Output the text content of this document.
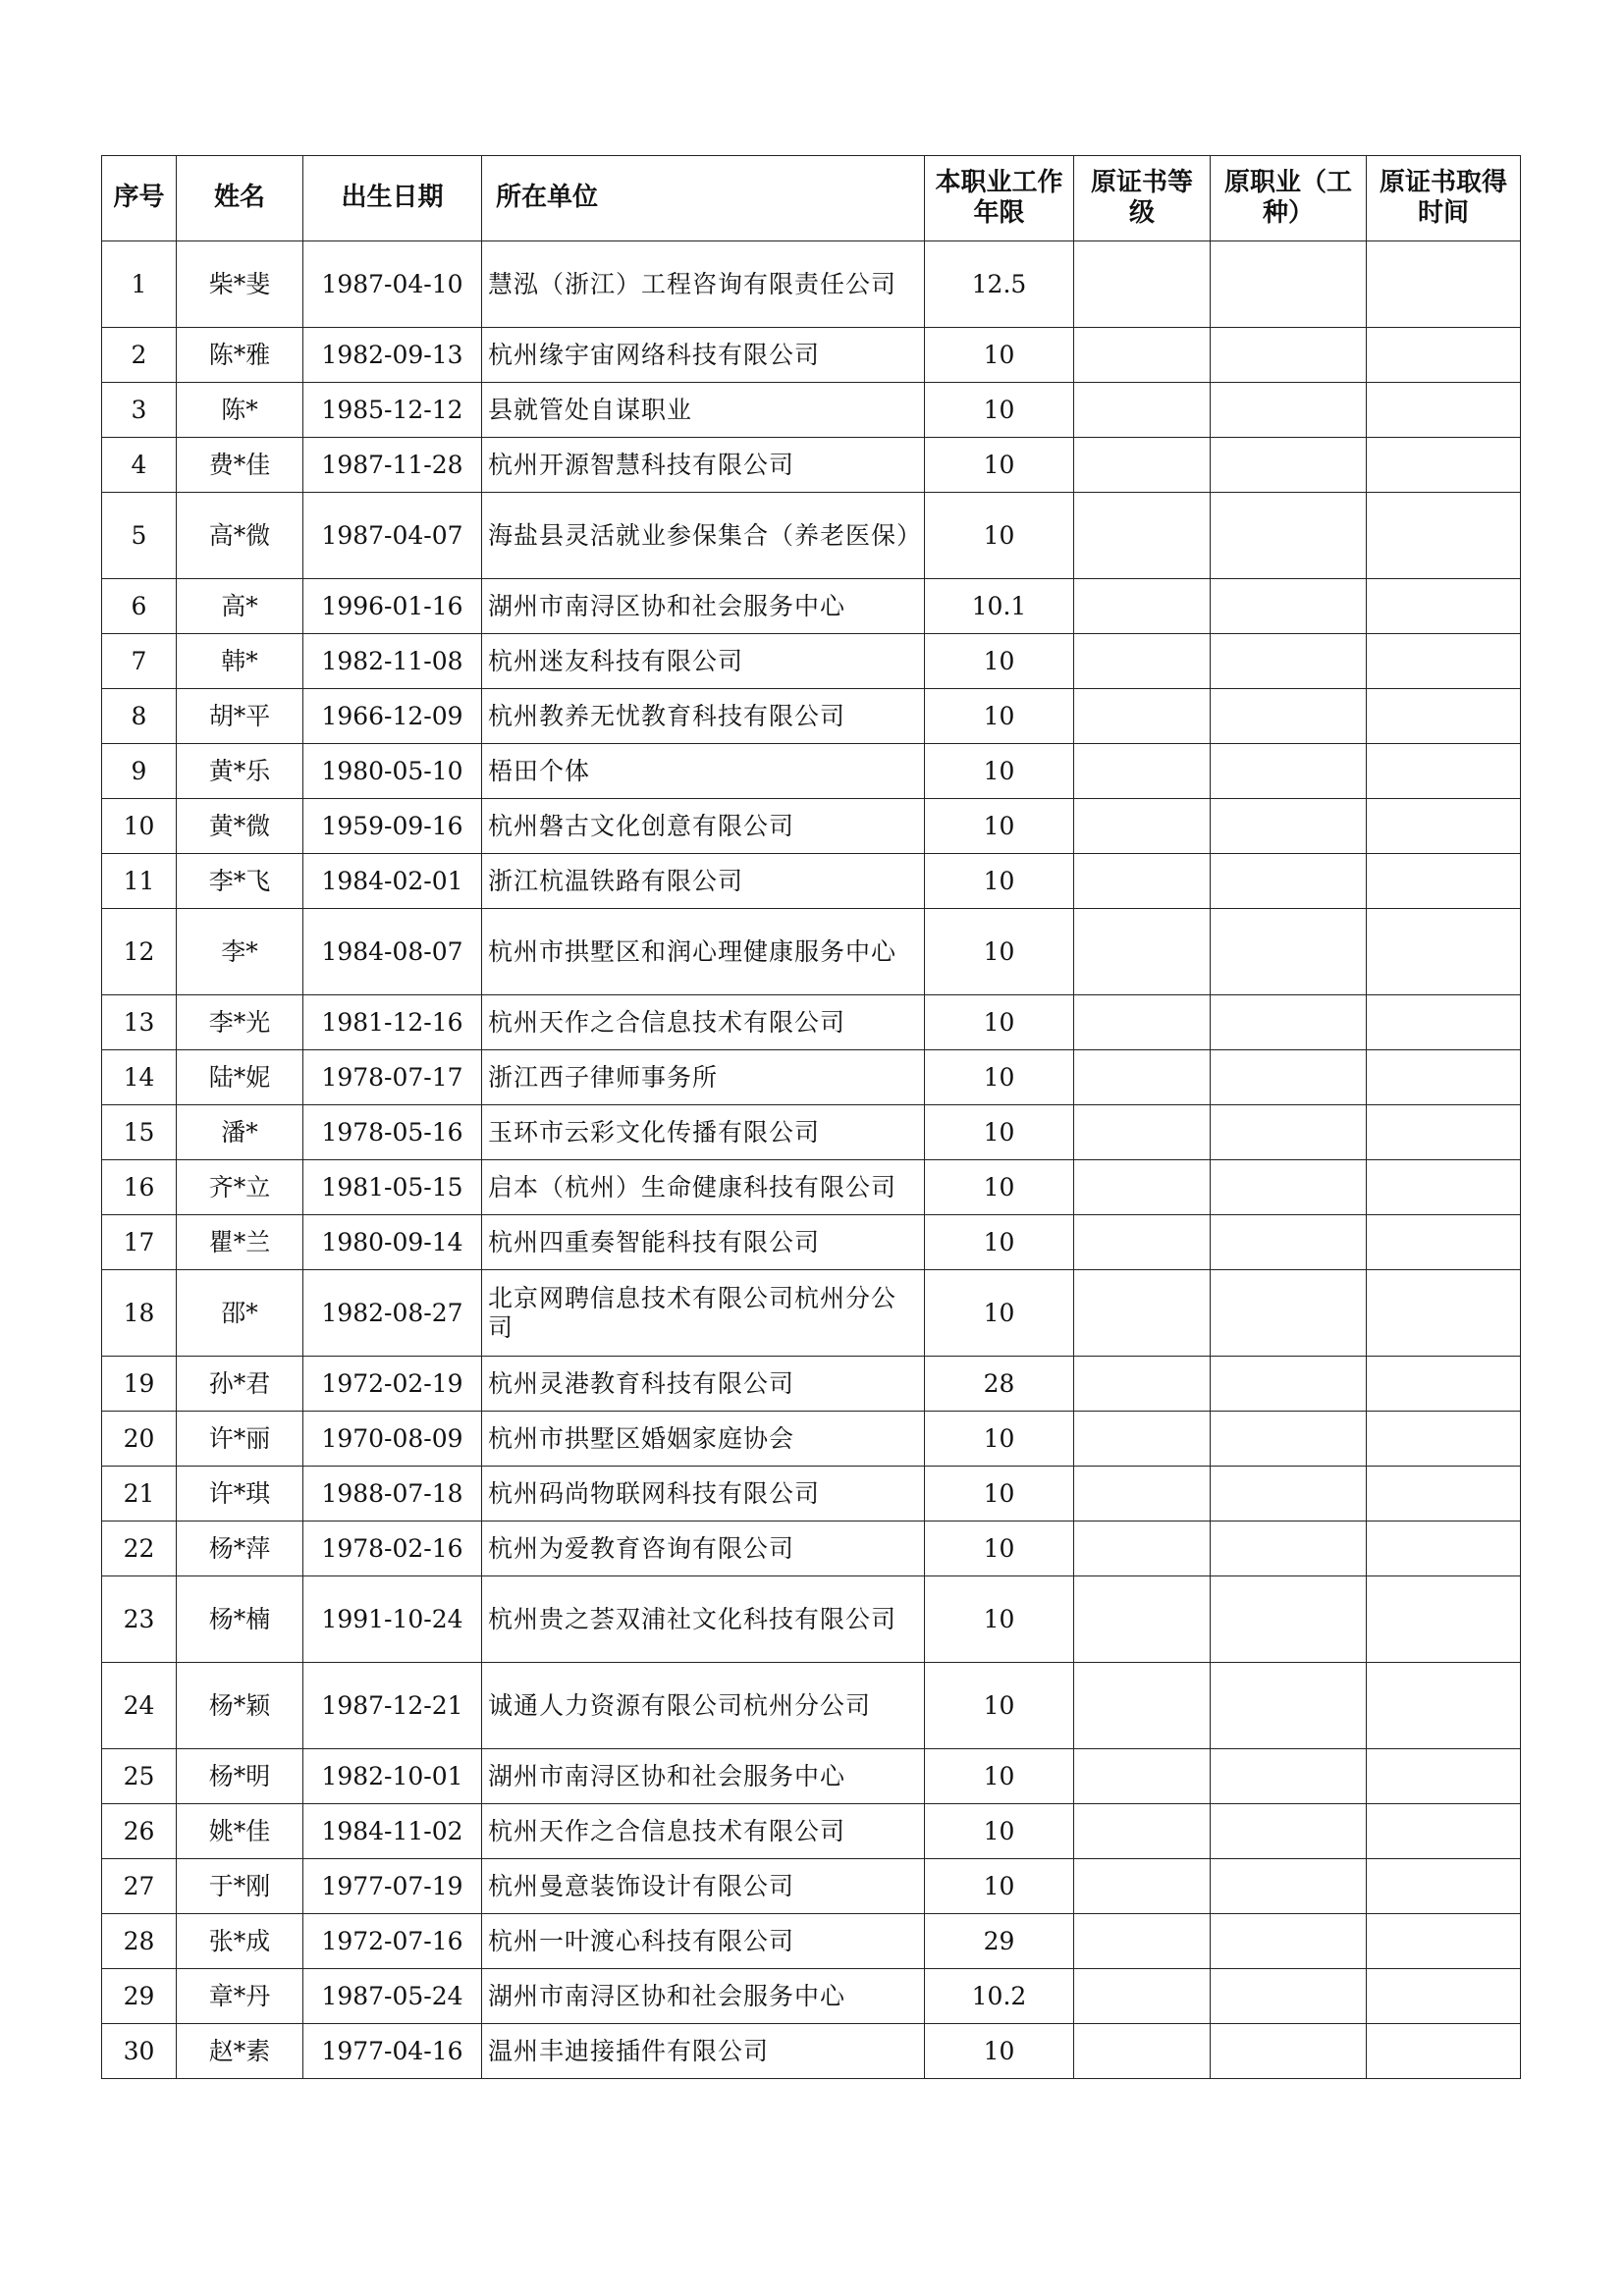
序号	姓名	出生日期	所在单位	本职业工作年限	原证书等级	原职业（工种）	原证书取得时间
1	柴*斐	1987-04-10	慧泓（浙江）工程咨询有限责任公司	12.5			
2	陈*雅	1982-09-13	杭州缘宇宙网络科技有限公司	10			
3	陈*	1985-12-12	县就管处自谋职业	10			
4	费*佳	1987-11-28	杭州开源智慧科技有限公司	10			
5	高*微	1987-04-07	海盐县灵活就业参保集合（养老医保）	10			
6	高*	1996-01-16	湖州市南浔区协和社会服务中心	10.1			
7	韩*	1982-11-08	杭州迷友科技有限公司	10			
8	胡*平	1966-12-09	杭州教养无忧教育科技有限公司	10			
9	黄*乐	1980-05-10	梧田个体	10			
10	黄*微	1959-09-16	杭州磐古文化创意有限公司	10			
11	李*飞	1984-02-01	浙江杭温铁路有限公司	10			
12	李*	1984-08-07	杭州市拱墅区和润心理健康服务中心	10			
13	李*光	1981-12-16	杭州天作之合信息技术有限公司	10			
14	陆*妮	1978-07-17	浙江西子律师事务所	10			
15	潘*	1978-05-16	玉环市云彩文化传播有限公司	10			
16	齐*立	1981-05-15	启本（杭州）生命健康科技有限公司	10			
17	瞿*兰	1980-09-14	杭州四重奏智能科技有限公司	10			
18	邵*	1982-08-27	北京网聘信息技术有限公司杭州分公司	10			
19	孙*君	1972-02-19	杭州灵港教育科技有限公司	28			
20	许*丽	1970-08-09	杭州市拱墅区婚姻家庭协会	10			
21	许*琪	1988-07-18	杭州码尚物联网科技有限公司	10			
22	杨*萍	1978-02-16	杭州为爱教育咨询有限公司	10			
23	杨*楠	1991-10-24	杭州贵之荟双浦社文化科技有限公司	10			
24	杨*颖	1987-12-21	诚通人力资源有限公司杭州分公司	10			
25	杨*明	1982-10-01	湖州市南浔区协和社会服务中心	10			
26	姚*佳	1984-11-02	杭州天作之合信息技术有限公司	10			
27	于*刚	1977-07-19	杭州曼意装饰设计有限公司	10			
28	张*成	1972-07-16	杭州一叶渡心科技有限公司	29			
29	章*丹	1987-05-24	湖州市南浔区协和社会服务中心	10.2			
30	赵*素	1977-04-16	温州丰迪接插件有限公司	10			
